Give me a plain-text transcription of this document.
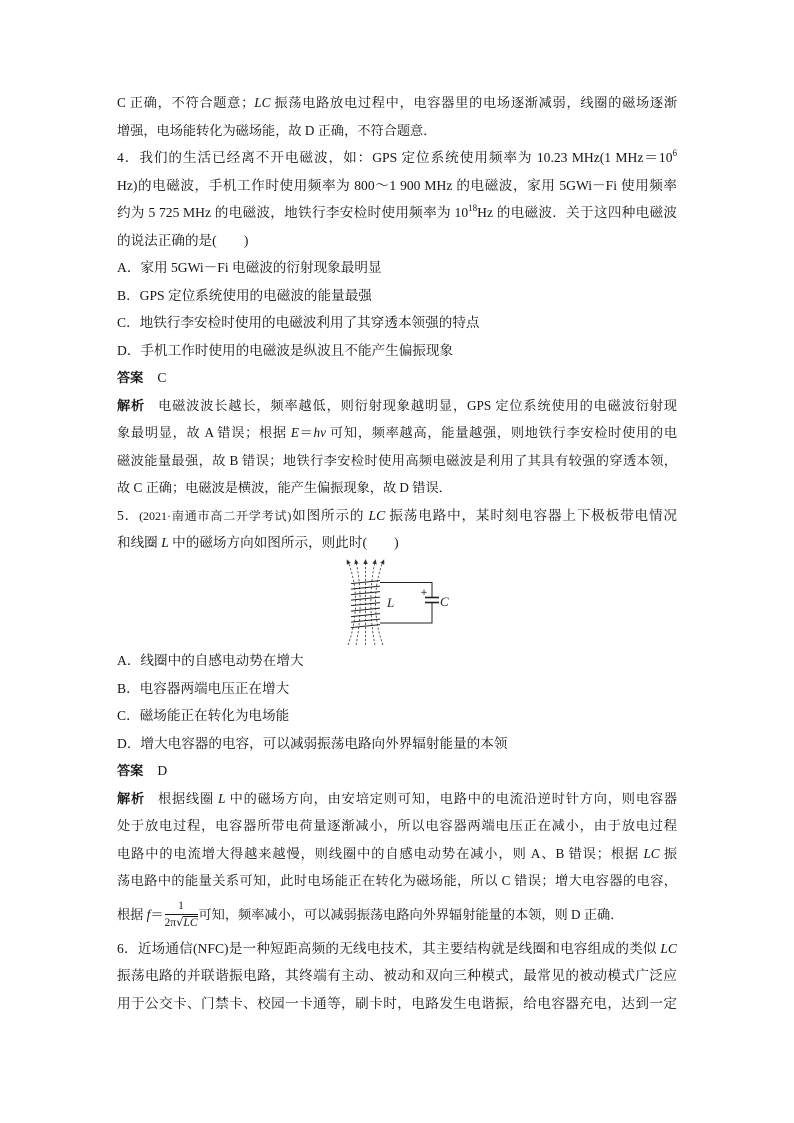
C 正确，不符合题意；LC 振荡电路放电过程中，电容器里的电场逐渐减弱，线圈的磁场逐渐
增强，电场能转化为磁场能，故 D 正确，不符合题意．
4．我们的生活已经离不开电磁波，如：GPS 定位系统使用频率为 10.23 MHz(1 $MHz=10^6$
Hz)的电磁波，手机工作时使用频率为 800～1 900 MHz 的电磁波，家用 5GWi－Fi 使用频率
约为 5 725 MHz 的电磁波，地铁行李安检时使用频率为 $10^{18}Hz$ 的电磁波．关于这四种电磁波
的说法正确的是(　　)
A．家用 5GWi－Fi 电磁波的衍射现象最明显
B．GPS 定位系统使用的电磁波的能量最强
C．地铁行李安检时使用的电磁波利用了其穿透本领强的特点
D．手机工作时使用的电磁波是纵波且不能产生偏振现象
答案 C
解析 电磁波波长越长，频率越低，则衍射现象越明显，GPS 定位系统使用的电磁波衍射现
象最明显，故 A 错误；根据 E＝hν 可知，频率越高，能量越强，则地铁行李安检时使用的电
磁波能量最强，故 B 错误；地铁行李安检时使用高频电磁波是利用了其具有较强的穿透本领，
故 C 正确；电磁波是横波，能产生偏振现象，故 D 错误．
5．(2021·南通市高二开学考试)如图所示的 LC 振荡电路中，某时刻电容器上下极板带电情况
和线圈 L 中的磁场方向如图所示，则此时(　　)
+
C
L
A．线圈中的自感电动势在增大
B．电容器两端电压正在增大
C．磁场能正在转化为电场能
D．增大电容器的电容，可以减弱振荡电路向外界辐射能量的本领
答案 D
解析 根据线圈 L 中的磁场方向，由安培定则可知，电路中的电流沿逆时针方向，则电容器
处于放电过程，电容器所带电荷量逐渐减小，所以电容器两端电压正在减小，由于放电过程
电路中的电流增大得越来越慢，则线圈中的自感电动势在减小，则 A、B 错误；根据 LC 振
荡电路中的能量关系可知，此时电场能正在转化为磁场能，所以 C 错误；增大电容器的电容，
根据 $f= \frac{1}{2\pi√LC}$ 可知，频率减小，可以减弱振荡电路向外界辐射能量的本领，则 D 正确．
6．近场通信(NFC)是一种短距高频的无线电技术，其主要结构就是线圈和电容组成的类似 LC
振荡电路的并联谐振电路，其终端有主动、被动和双向三种模式，最常见的被动模式广泛应
用于公交卡、门禁卡、校园一卡通等，刷卡时，电路发生电谐振，给电容器充电，达到一定
